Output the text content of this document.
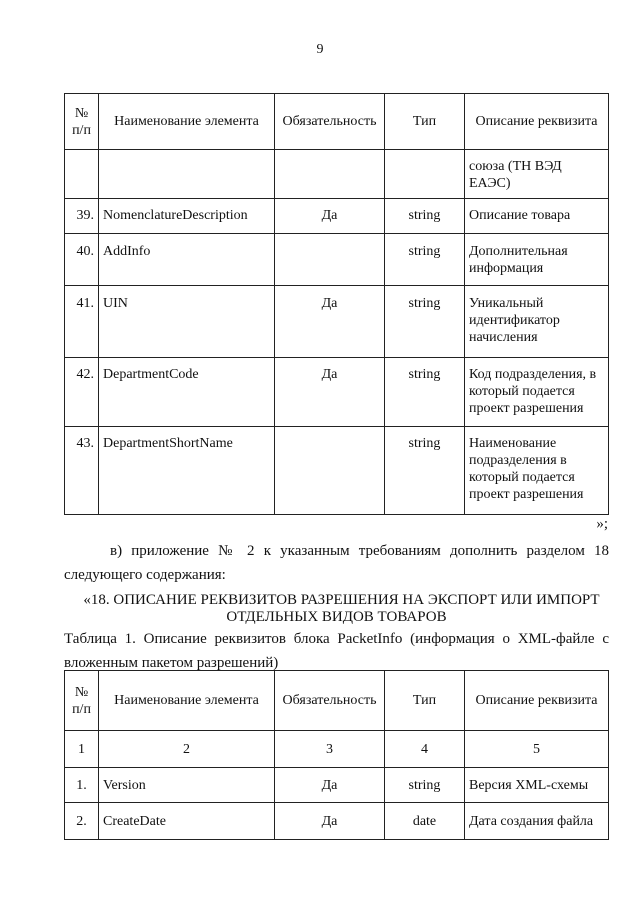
9
№ п/п	Наименование элемента	Обязательность	Тип	Описание реквизита
				союза (ТН ВЭД ЕАЭС)
39.	NomenclatureDescription	Да	string	Описание товара
40.	AddInfo		string	Дополнительная информация
41.	UIN	Да	string	Уникальный идентификатор начисления
42.	DepartmentCode	Да	string	Код подразделения, в который подается проект разрешения
43.	DepartmentShortName		string	Наименование подразделения в который подается проект разрешения
»;
в) приложение № 2 к указанным требованиям дополнить разделом 18 следующего содержания:
«18. ОПИСАНИЕ РЕКВИЗИТОВ РАЗРЕШЕНИЯ НА ЭКСПОРТ ИЛИ ИМПОРТ ОТДЕЛЬНЫХ ВИДОВ ТОВАРОВ
Таблица 1. Описание реквизитов блока PacketInfo (информация о XML-файле с вложенным пакетом разрешений)
№ п/п	Наименование элемента	Обязательность	Тип	Описание реквизита
1	2	3	4	5
1.	Version	Да	string	Версия XML-схемы
2.	CreateDate	Да	date	Дата создания файла
